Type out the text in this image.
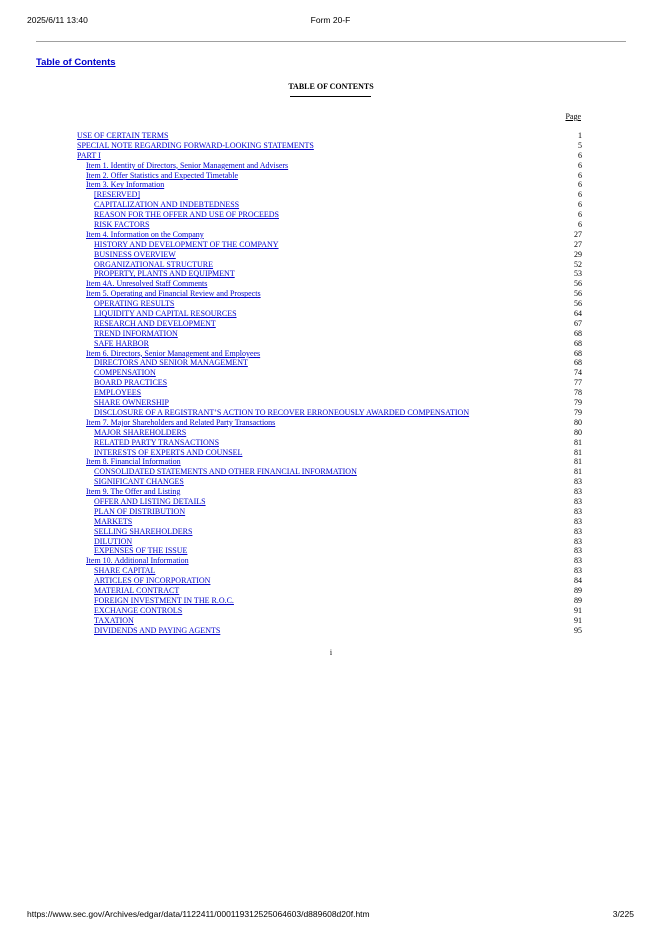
2025/6/11 13:40	Form 20-F
Table of Contents
TABLE OF CONTENTS
Page
USE OF CERTAIN TERMS	1
SPECIAL NOTE REGARDING FORWARD-LOOKING STATEMENTS	5
PART I	6
Item 1. Identity of Directors, Senior Management and Advisers	6
Item 2. Offer Statistics and Expected Timetable	6
Item 3. Key Information	6
[RESERVED]	6
CAPITALIZATION AND INDEBTEDNESS	6
REASON FOR THE OFFER AND USE OF PROCEEDS	6
RISK FACTORS	6
Item 4. Information on the Company	27
HISTORY AND DEVELOPMENT OF THE COMPANY	27
BUSINESS OVERVIEW	29
ORGANIZATIONAL STRUCTURE	52
PROPERTY, PLANTS AND EQUIPMENT	53
Item 4A. Unresolved Staff Comments	56
Item 5. Operating and Financial Review and Prospects	56
OPERATING RESULTS	56
LIQUIDITY AND CAPITAL RESOURCES	64
RESEARCH AND DEVELOPMENT	67
TREND INFORMATION	68
SAFE HARBOR	68
Item 6. Directors, Senior Management and Employees	68
DIRECTORS AND SENIOR MANAGEMENT	68
COMPENSATION	74
BOARD PRACTICES	77
EMPLOYEES	78
SHARE OWNERSHIP	79
DISCLOSURE OF A REGISTRANT’S ACTION TO RECOVER ERRONEOUSLY AWARDED COMPENSATION	79
Item 7. Major Shareholders and Related Party Transactions	80
MAJOR SHAREHOLDERS	80
RELATED PARTY TRANSACTIONS	81
INTERESTS OF EXPERTS AND COUNSEL	81
Item 8. Financial Information	81
CONSOLIDATED STATEMENTS AND OTHER FINANCIAL INFORMATION	81
SIGNIFICANT CHANGES	83
Item 9. The Offer and Listing	83
OFFER AND LISTING DETAILS	83
PLAN OF DISTRIBUTION	83
MARKETS	83
SELLING SHAREHOLDERS	83
DILUTION	83
EXPENSES OF THE ISSUE	83
Item 10. Additional Information	83
SHARE CAPITAL	83
ARTICLES OF INCORPORATION	84
MATERIAL CONTRACT	89
FOREIGN INVESTMENT IN THE R.O.C.	89
EXCHANGE CONTROLS	91
TAXATION	91
DIVIDENDS AND PAYING AGENTS	95
i
https://www.sec.gov/Archives/edgar/data/1122411/000119312525064603/d889608d20f.htm	3/225
